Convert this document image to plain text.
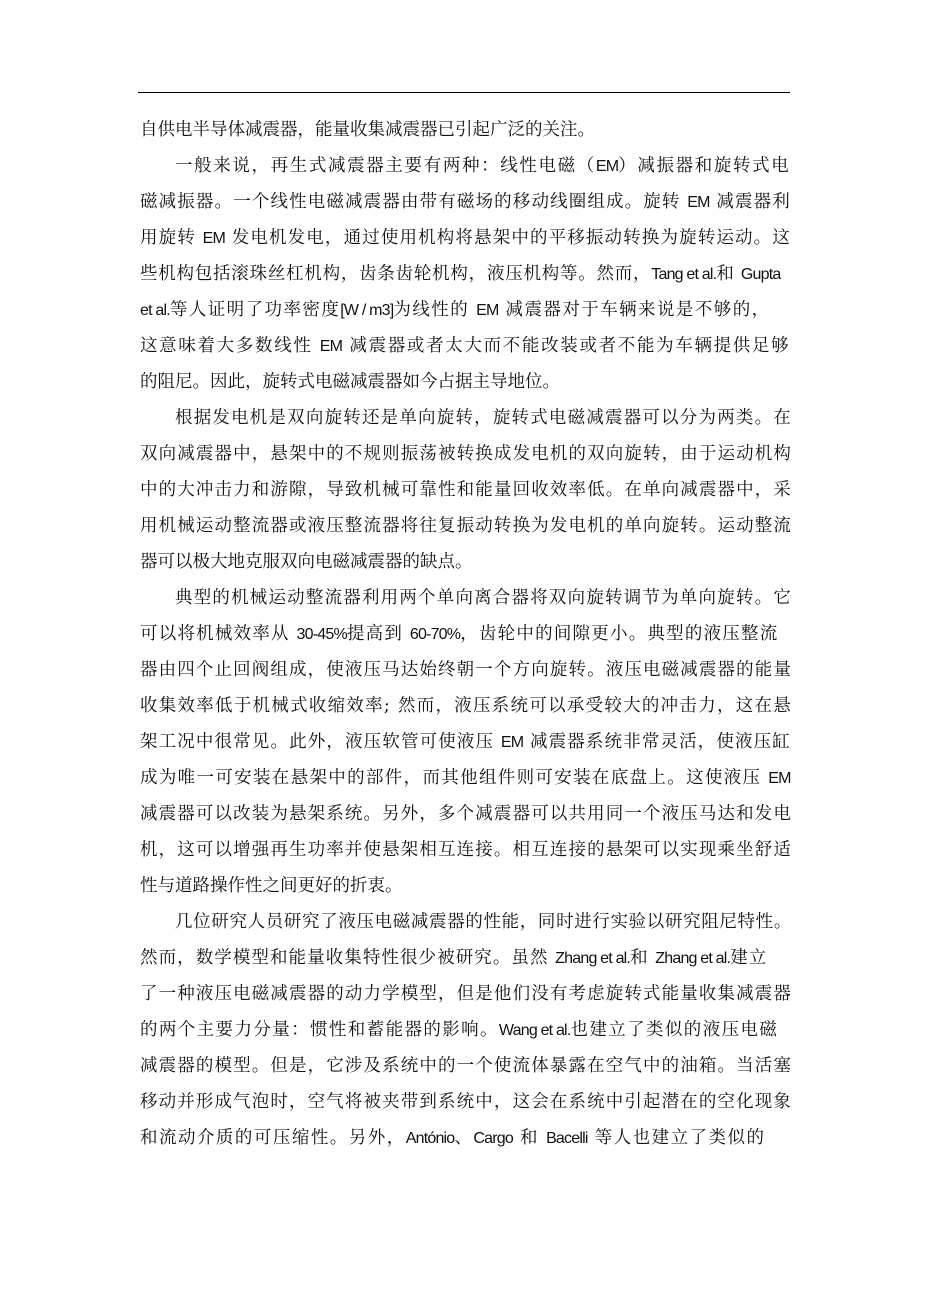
自供电半导体减震器，能量收集减震器已引起广泛的关注。
一般来说，再生式减震器主要有两种：线性电磁（EM）减振器和旋转式电
磁减振器。一个线性电磁减震器由带有磁场的移动线圈组成。旋转 EM 减震器利
用旋转 EM 发电机发电，通过使用机构将悬架中的平移振动转换为旋转运动。这
些机构包括滚珠丝杠机构，齿条齿轮机构，液压机构等。然而，Tang et al.和 Gupta
et al.等人证明了功率密度[W / m3]为线性的 EM 减震器对于车辆来说是不够的，
这意味着大多数线性 EM 减震器或者太大而不能改装或者不能为车辆提供足够
的阻尼。因此，旋转式电磁减震器如今占据主导地位。
根据发电机是双向旋转还是单向旋转，旋转式电磁减震器可以分为两类。在
双向减震器中，悬架中的不规则振荡被转换成发电机的双向旋转，由于运动机构
中的大冲击力和游隙，导致机械可靠性和能量回收效率低。在单向减震器中，采
用机械运动整流器或液压整流器将往复振动转换为发电机的单向旋转。运动整流
器可以极大地克服双向电磁减震器的缺点。
典型的机械运动整流器利用两个单向离合器将双向旋转调节为单向旋转。它
可以将机械效率从 30-45%提高到 60-70%，齿轮中的间隙更小。典型的液压整流
器由四个止回阀组成，使液压马达始终朝一个方向旋转。液压电磁减震器的能量
收集效率低于机械式收缩效率; 然而，液压系统可以承受较大的冲击力，这在悬
架工况中很常见。此外，液压软管可使液压 EM 减震器系统非常灵活，使液压缸
成为唯一可安装在悬架中的部件，而其他组件则可安装在底盘上。这使液压 EM
减震器可以改装为悬架系统。另外，多个减震器可以共用同一个液压马达和发电
机，这可以增强再生功率并使悬架相互连接。相互连接的悬架可以实现乘坐舒适
性与道路操作性之间更好的折衷。
几位研究人员研究了液压电磁减震器的性能，同时进行实验以研究阻尼特性。
然而，数学模型和能量收集特性很少被研究。虽然 Zhang et al.和 Zhang et al.建立
了一种液压电磁减震器的动力学模型，但是他们没有考虑旋转式能量收集减震器
的两个主要力分量：惯性和蓄能器的影响。Wang et al.也建立了类似的液压电磁
减震器的模型。但是，它涉及系统中的一个使流体暴露在空气中的油箱。当活塞
移动并形成气泡时，空气将被夹带到系统中，这会在系统中引起潜在的空化现象
和流动介质的可压缩性。另外，António、Cargo 和 Bacelli 等人也建立了类似的
